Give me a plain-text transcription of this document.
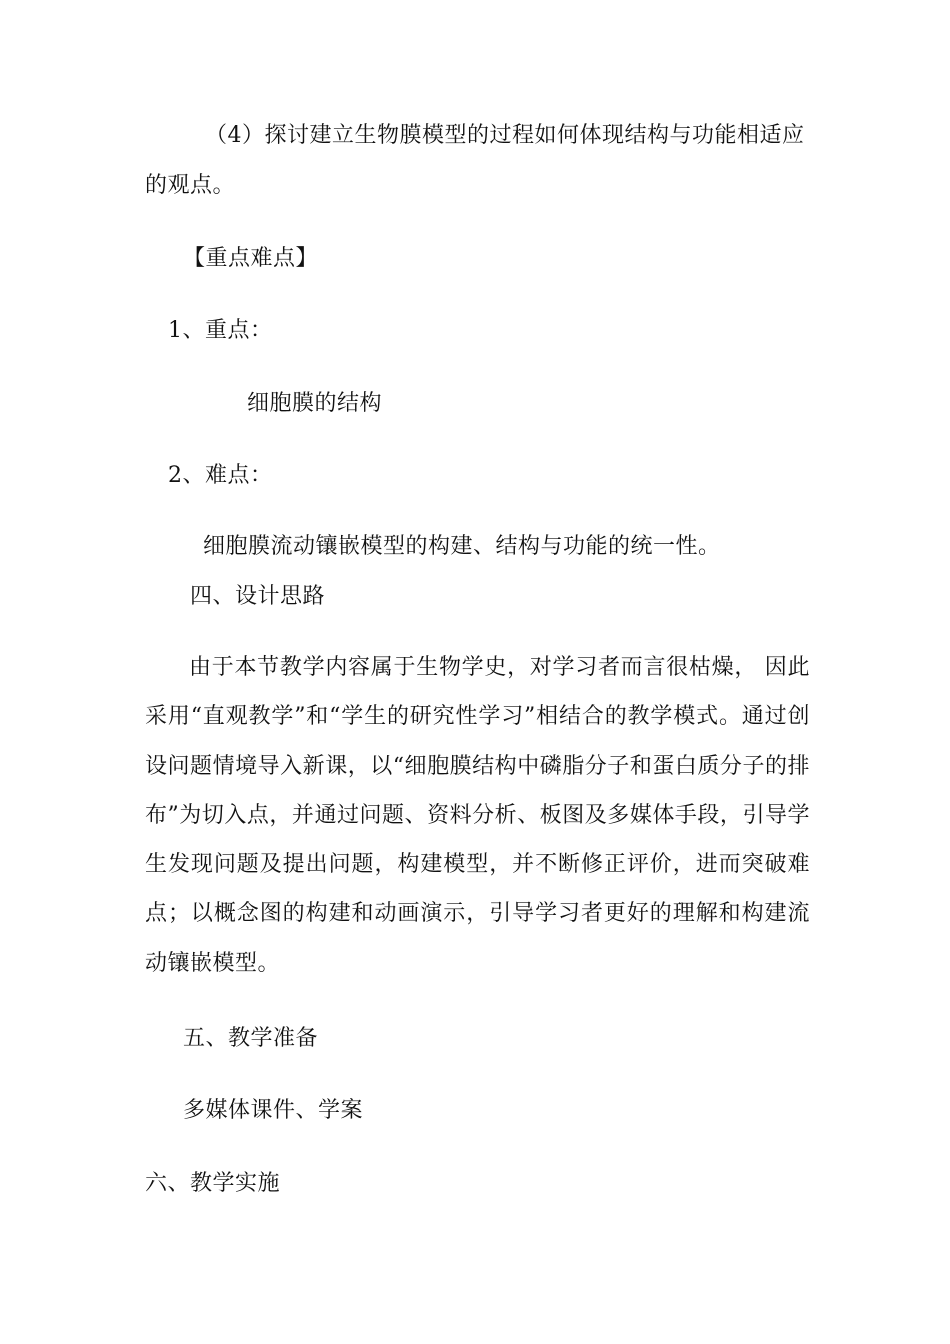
（4）探讨建立生物膜模型的过程如何体现结构与功能相适应
的观点。
【重点难点】
1、重点：
细胞膜的结构
2、难点：
细胞膜流动镶嵌模型的构建、结构与功能的统一性。
四、设计思路
由于本节教学内容属于生物学史，对学习者而言很枯燥， 因此采用“直观教学”和“学生的研究性学习”相结合的教学模式。通过创设问题情境导入新课，以“细胞膜结构中磷脂分子和蛋白质分子的排布”为切入点，并通过问题、资料分析、板图及多媒体手段，引导学生发现问题及提出问题，构建模型，并不断修正评价，进而突破难点；以概念图的构建和动画演示，引导学习者更好的理解和构建流动镶嵌模型。
五、教学准备
多媒体课件、学案
六、教学实施
